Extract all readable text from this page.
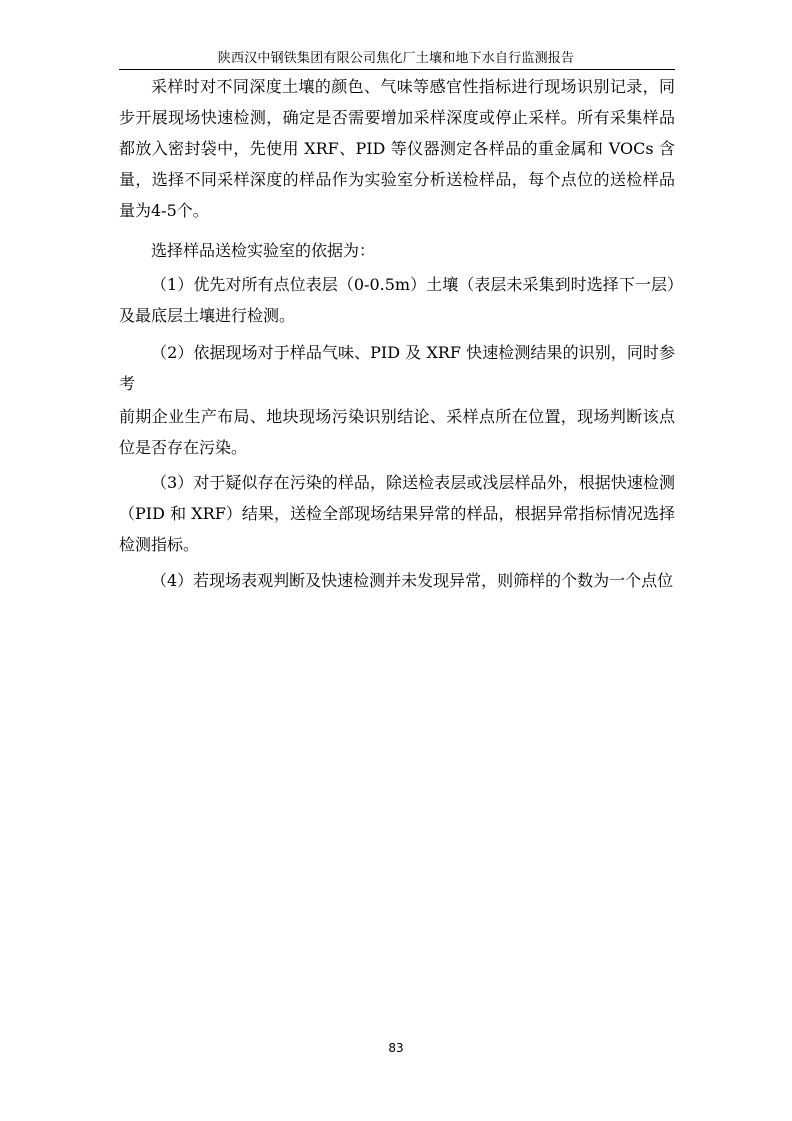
陕西汉中钢铁集团有限公司焦化厂土壤和地下水自行监测报告

采样时对不同深度土壤的颜色、气味等感官性指标进行现场识别记录，同步开展现场快速检测，确定是否需要增加采样深度或停止采样。所有采集样品都放入密封袋中，先使用 XRF、PID 等仪器测定各样品的重金属和 VOCs 含量，选择不同采样深度的样品作为实验室分析送检样品，每个点位的送检样品量为4-5个。

选择样品送检实验室的依据为：

（1）优先对所有点位表层（0-0.5m）土壤（表层未采集到时选择下一层）及最底层土壤进行检测。

（2）依据现场对于样品气味、PID 及 XRF 快速检测结果的识别，同时参考

前期企业生产布局、地块现场污染识别结论、采样点所在位置，现场判断该点位是否存在污染。

（3）对于疑似存在污染的样品，除送检表层或浅层样品外，根据快速检测（PID 和 XRF）结果，送检全部现场结果异常的样品，根据异常指标情况选择检测指标。

（4）若现场表观判断及快速检测并未发现异常，则筛样的个数为一个点位

83
